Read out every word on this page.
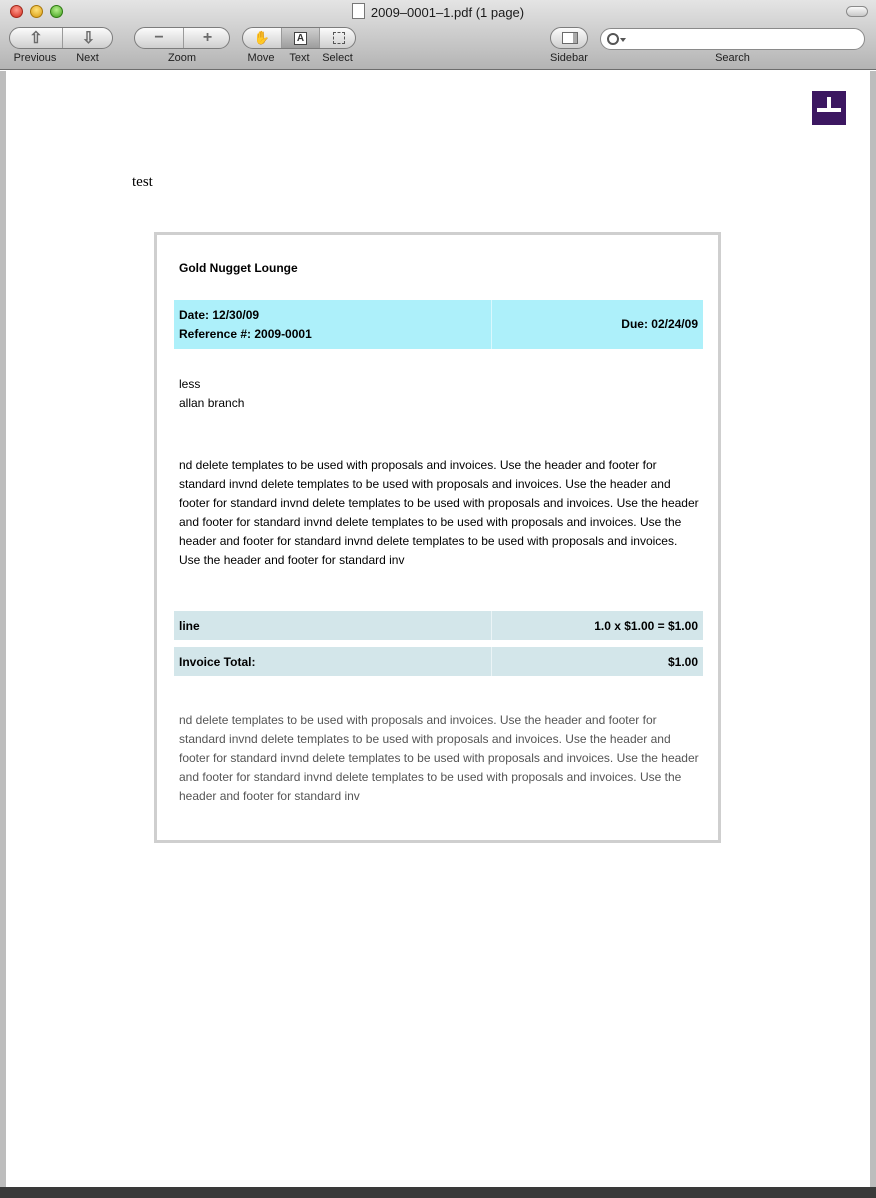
2009–0001–1.pdf (1 page)
⇧ ⇩
Previous	Next
− +
Zoom
✋	A
Move	Text	Select	Sidebar	Search
test
Gold Nugget Lounge
Date: 12/30/09
Reference #: 2009-0001
Due: 02/24/09
less
allan branch
nd delete templates to be used with proposals and invoices. Use the header and footer for standard invnd delete templates to be used with proposals and invoices. Use the header and footer for standard invnd delete templates to be used with proposals and invoices. Use the header and footer for standard invnd delete templates to be used with proposals and invoices. Use the header and footer for standard invnd delete templates to be used with proposals and invoices. Use the header and footer for standard inv
line	1.0 x $1.00 = $1.00
Invoice Total:	$1.00
nd delete templates to be used with proposals and invoices. Use the header and footer for standard invnd delete templates to be used with proposals and invoices. Use the header and footer for standard invnd delete templates to be used with proposals and invoices. Use the header and footer for standard invnd delete templates to be used with proposals and invoices. Use the header and footer for standard inv
